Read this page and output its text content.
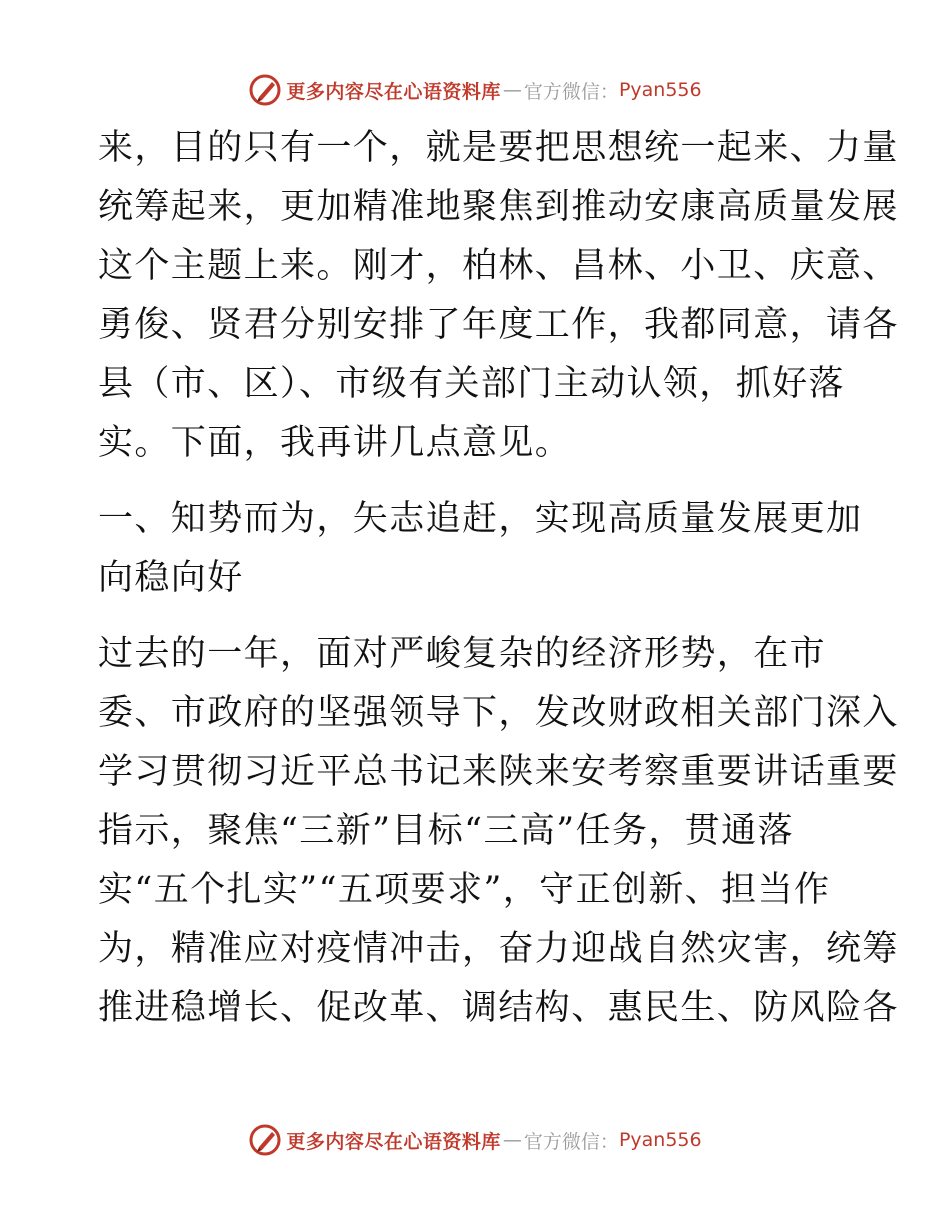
更多内容尽在心语资料库 — 官方微信： Pyan556
来，目的只有一个，就是要把思想统一起来、力量
统筹起来，更加精准地聚焦到推动安康高质量发展
这个主题上来。刚才，柏林、昌林、小卫、庆意、
勇俊、贤君分别安排了年度工作，我都同意，请各
县（市、区）、市级有关部门主动认领，抓好落
实。下面，我再讲几点意见。
一、知势而为，矢志追赶，实现高质量发展更加
向稳向好
过去的一年，面对严峻复杂的经济形势，在市
委、市政府的坚强领导下，发改财政相关部门深入
学习贯彻习近平总书记来陕来安考察重要讲话重要
指示，聚焦“三新”目标“三高”任务，贯通落
实“五个扎实”“五项要求”，守正创新、担当作
为，精准应对疫情冲击，奋力迎战自然灾害，统筹
推进稳增长、促改革、调结构、惠民生、防风险各
更多内容尽在心语资料库 — 官方微信： Pyan556
